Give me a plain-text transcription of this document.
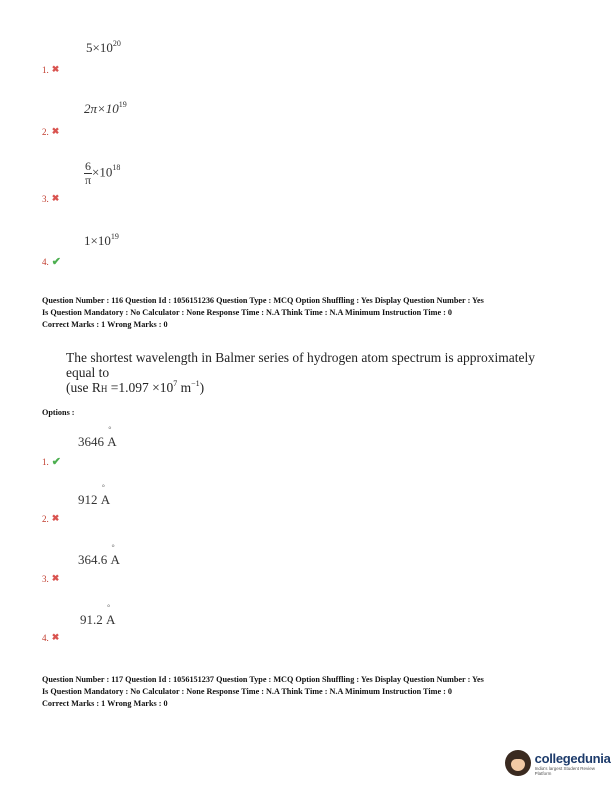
$5\times 10^{20}$
1. ✖
$2\pi\times 10^{19}$
2. ✖
$\frac{6}{\pi} \times 10^{18}$
3. ✖
$1\times 10^{19}$
4. ✔
Question Number : 116 Question Id : 1056151236 Question Type : MCQ Option Shuffling : Yes Display Question Number : Yes
Is Question Mandatory : No Calculator : None Response Time : N.A Think Time : N.A Minimum Instruction Time : 0
Correct Marks : 1 Wrong Marks : 0
The shortest wavelength in Balmer series of hydrogen atom spectrum is approximately
equal to
(use RH $=1.097 \times 10^7$ $m^{-1}$)
Options :
3646 ° A
1. ✔
912 ° A
2. ✖
364.6 ° A
3. ✖
91.2 ° A
4. ✖
Question Number : 117 Question Id : 1056151237 Question Type : MCQ Option Shuffling : Yes Display Question Number : Yes
Is Question Mandatory : No Calculator : None Response Time : N.A Think Time : N.A Minimum Instruction Time : 0
Correct Marks : 1 Wrong Marks : 0
collegedunia
India's largest Student Review Platform
